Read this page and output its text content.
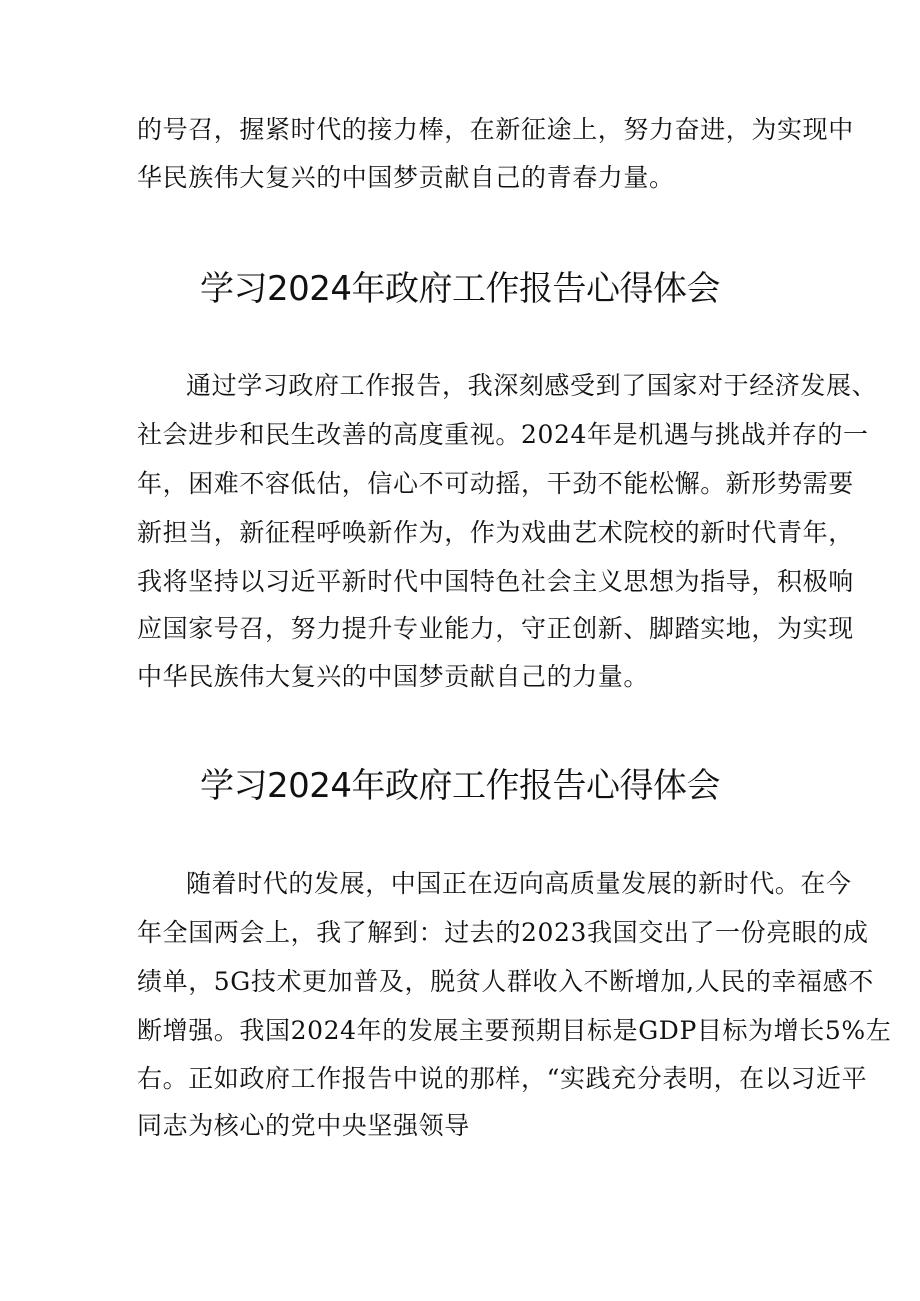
的号召，握紧时代的接力棒，在新征途上，努力奋进，为实现中

华民族伟大复兴的中国梦贡献自己的青春力量。

学习2024年政府工作报告心得体会

通过学习政府工作报告，我深刻感受到了国家对于经济发展、

社会进步和民生改善的高度重视。2024年是机遇与挑战并存的一

年，困难不容低估，信心不可动摇，干劲不能松懈。新形势需要

新担当，新征程呼唤新作为，作为戏曲艺术院校的新时代青年，

我将坚持以习近平新时代中国特色社会主义思想为指导，积极响

应国家号召，努力提升专业能力，守正创新、脚踏实地，为实现

中华民族伟大复兴的中国梦贡献自己的力量。

学习2024年政府工作报告心得体会

随着时代的发展，中国正在迈向高质量发展的新时代。在今

年全国两会上，我了解到：过去的2023我国交出了一份亮眼的成

绩单，5G技术更加普及，脱贫人群收入不断增加,人民的幸福感不

断增强。我国2024年的发展主要预期目标是GDP目标为增长5%左

右。正如政府工作报告中说的那样，“实践充分表明，在以习近平

同志为核心的党中央坚强领导
